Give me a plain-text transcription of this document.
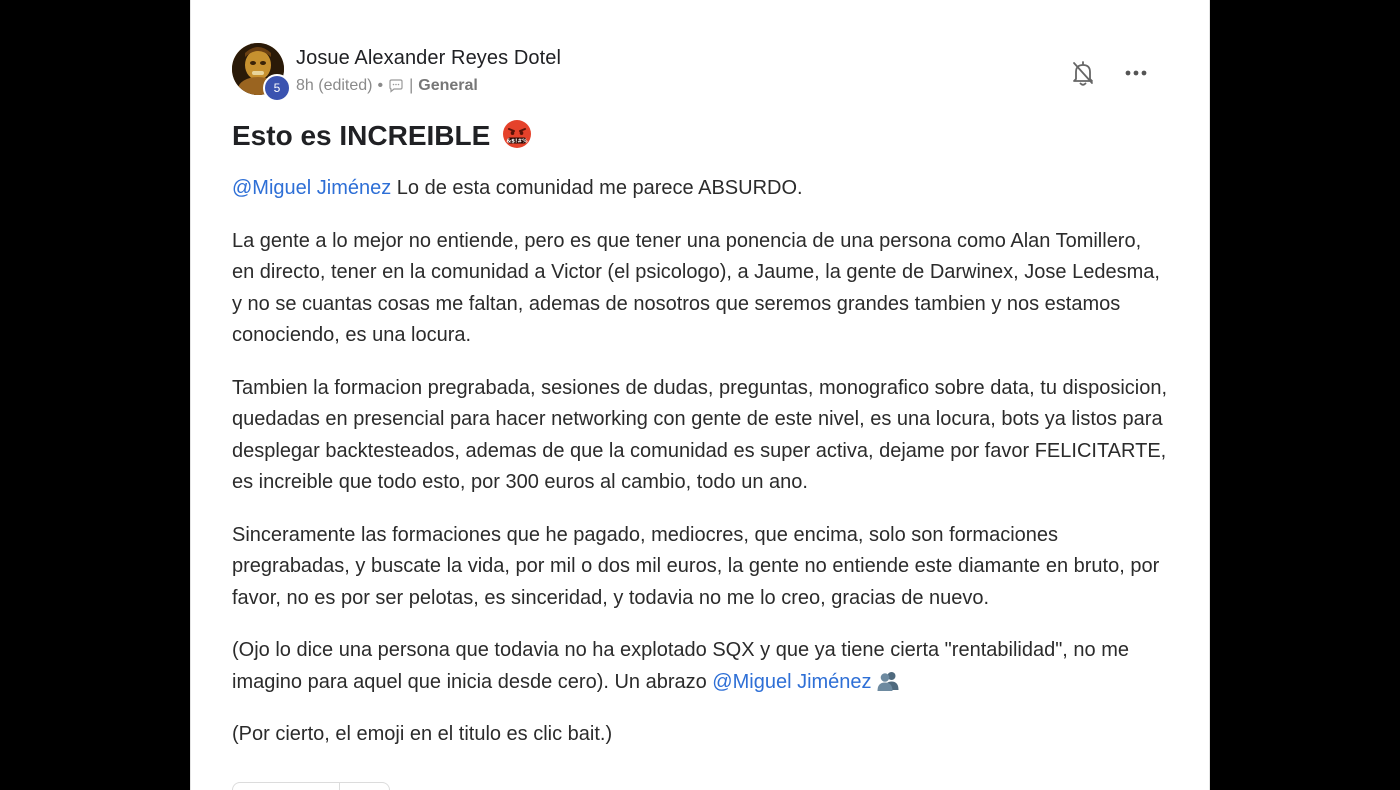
5
Josue Alexander Reyes Dotel
8h (edited) • | General
Esto es INCREIBLE	&$!#%

@Miguel Jiménez Lo de esta comunidad me parece ABSURDO.

La gente a lo mejor no entiende, pero es que tener una ponencia de una persona como Alan Tomillero, en directo, tener en la comunidad a Victor (el psicologo), a Jaume, la gente de Darwinex, Jose Ledesma, y no se cuantas cosas me faltan, ademas de nosotros que seremos grandes tambien y nos estamos conociendo, es una locura.

Tambien la formacion pregrabada, sesiones de dudas, preguntas, monografico sobre data, tu disposicion, quedadas en presencial para hacer networking con gente de este nivel, es una locura, bots ya listos para desplegar backtesteados, ademas de que la comunidad es super activa, dejame por favor FELICITARTE, es increible que todo esto, por 300 euros al cambio, todo un ano.

Sinceramente las formaciones que he pagado, mediocres, que encima, solo son formaciones pregrabadas, y buscate la vida, por mil o dos mil euros, la gente no entiende este diamante en bruto, por favor, no es por ser pelotas, es sinceridad, y todavia no me lo creo, gracias de nuevo.

(Ojo lo dice una persona que todavia no ha explotado SQX y que ya tiene cierta "rentabilidad", no me imagino para aquel que inicia desde cero). Un abrazo @Miguel Jiménez

(Por cierto, el emoji en el titulo es clic bait.)
